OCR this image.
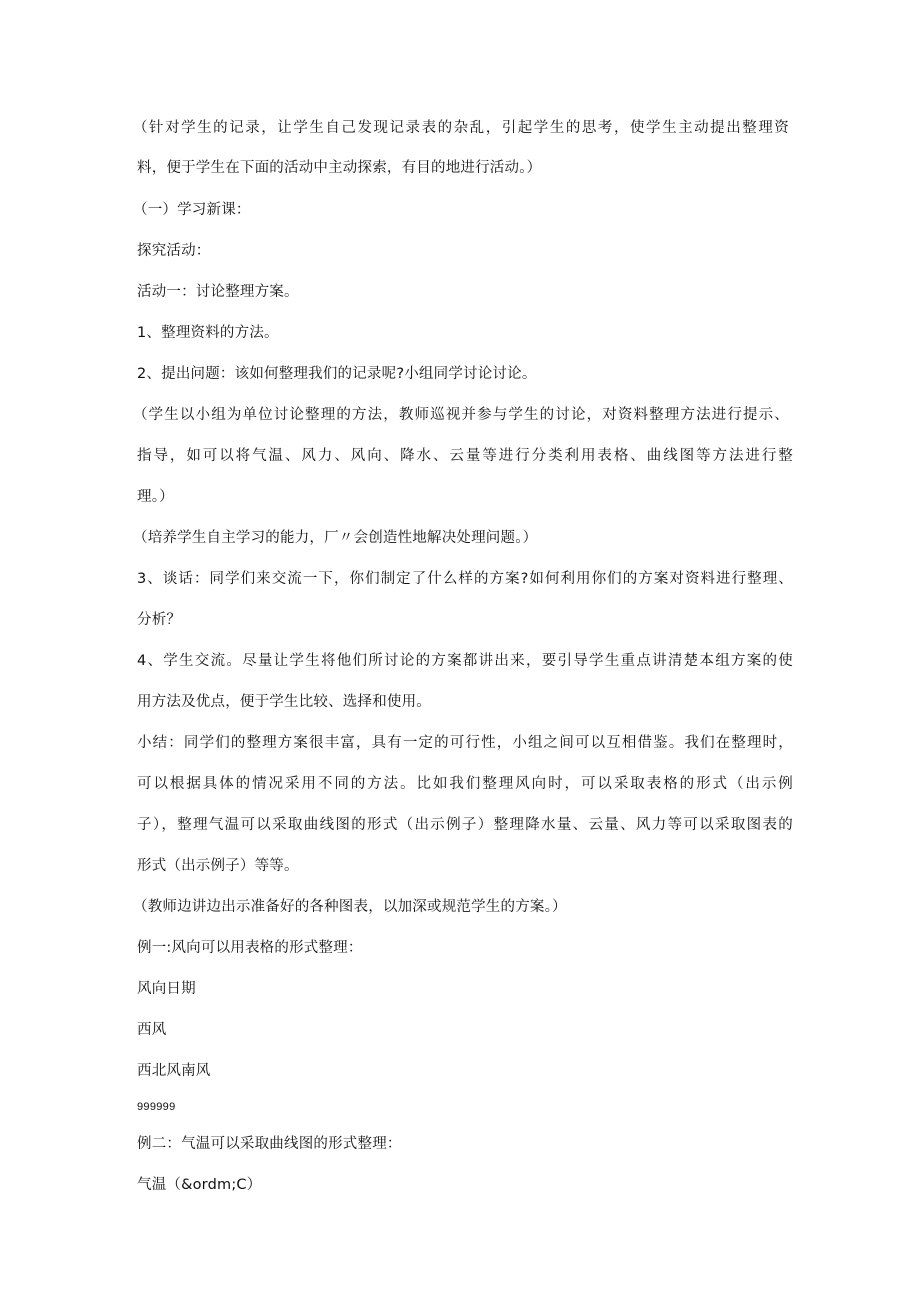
（针对学生的记录，让学生自己发现记录表的杂乱，引起学生的思考，使学生主动提出整理资

料，便于学生在下面的活动中主动探索，有目的地进行活动。）

（一）学习新课：

探究活动：

活动一：讨论整理方案。

1、整理资料的方法。

2、提出问题：该如何整理我们的记录呢?小组同学讨论讨论。

（学生以小组为单位讨论整理的方法，教师巡视并参与学生的讨论，对资料整理方法进行提示、

指导，如可以将气温、风力、风向、降水、云量等进行分类利用表格、曲线图等方法进行整

理。）

（培养学生自主学习的能力，厂〃会创造性地解决处理问题。）

3、谈话：同学们来交流一下，你们制定了什么样的方案?如何利用你们的方案对资料进行整理、

分析？

4、学生交流。尽量让学生将他们所讨论的方案都讲出来，要引导学生重点讲清楚本组方案的使

用方法及优点，便于学生比较、选择和使用。

小结：同学们的整理方案很丰富，具有一定的可行性，小组之间可以互相借鉴。我们在整理时，

可以根据具体的情况采用不同的方法。比如我们整理风向时，可以采取表格的形式（出示例

子），整理气温可以采取曲线图的形式（出示例子）整理降水量、云量、风力等可以采取图表的

形式（出示例子）等等。

（教师边讲边出示准备好的各种图表，以加深或规范学生的方案。）

例一:风向可以用表格的形式整理：

风向日期

西风

西北风南风

999999

例二：气温可以采取曲线图的形式整理：

气温（&ordm;C）
